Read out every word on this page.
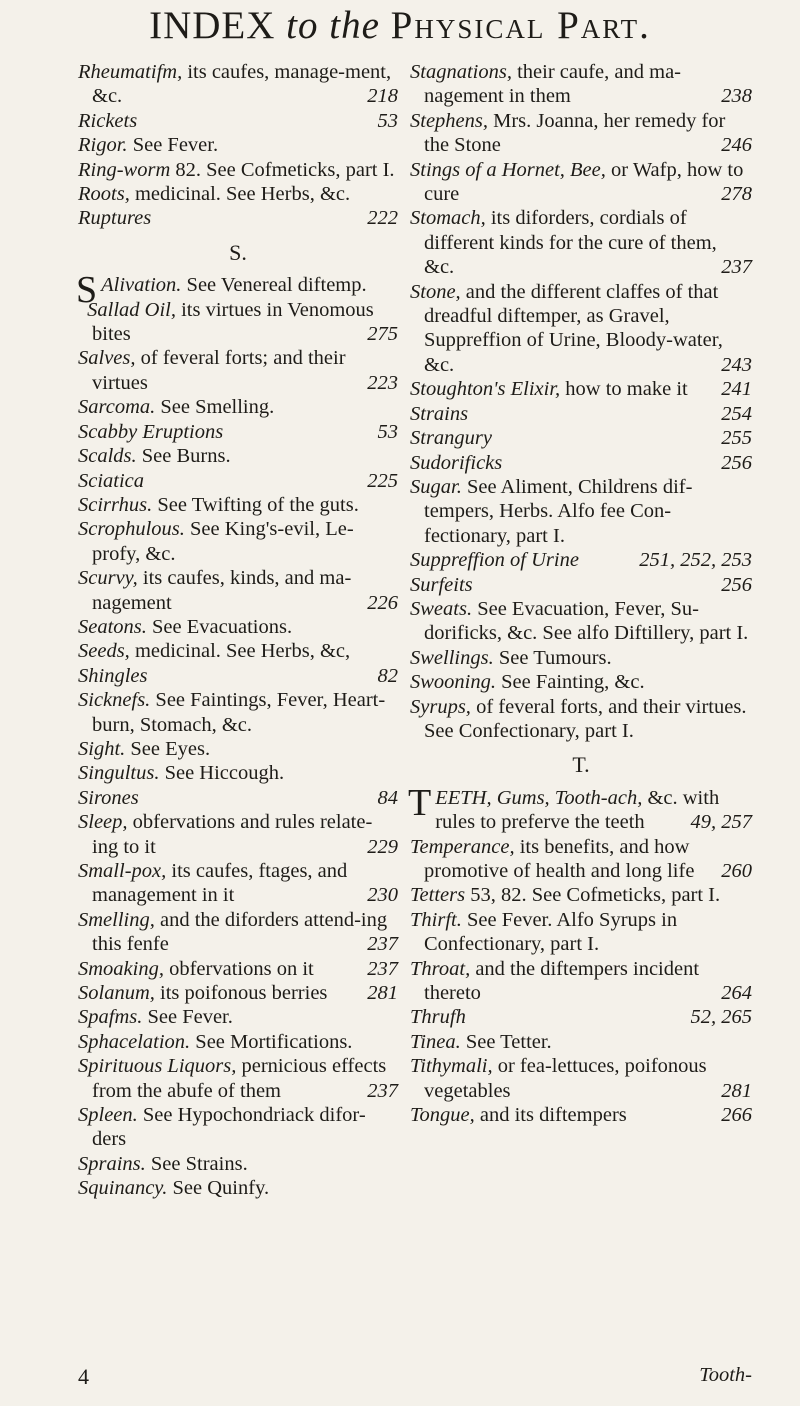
INDEX to the Physical Part.
Rheumatifm, its caufes, manage-ment, &c.	218
Rickets	53
Rigor. See Fever.
Ring-worm 82. See Cofmeticks, part I.
Roots, medicinal. See Herbs, &c.
Ruptures	222
S.
S Alivation. See Venereal diftemp.
Sallad Oil, its virtues in Venomous bites	275
Salves, of feveral forts; and their virtues	223
Sarcoma. See Smelling.
Scabby Eruptions	53
Scalds. See Burns.
Sciatica	225
Scirrhus. See Twifting of the guts.
Scrophulous. See King's-evil, Le-profy, &c.
Scurvy, its caufes, kinds, and ma-nagement	226
Seatons. See Evacuations.
Seeds, medicinal. See Herbs, &c,
Shingles	82
Sicknefs. See Faintings, Fever, Heart-burn, Stomach, &c.
Sight. See Eyes.
Singultus. See Hiccough.
Sirones	84
Sleep, obfervations and rules relate-ing to it	229
Small-pox, its caufes, ftages, and management in it	230
Smelling, and the diforders attend-ing this fenfe	237
Smoaking, obfervations on it	237
Solanum, its poifonous berries 281
Spafms. See Fever.
Sphacelation. See Mortifications.
Spirituous Liquors, pernicious effects from the abufe of them	237
Spleen. See Hypochondriack difor-ders
Sprains. See Strains.
Squinancy. See Quinfy.
Stagnations, their caufe, and ma-nagement in them	238
Stephens, Mrs. Joanna, her remedy for the Stone	246
Stings of a Hornet, Bee, or Wafp, how to cure	278
Stomach, its diforders, cordials of different kinds for the cure of them, &c.	237
Stone, and the different claffes of that dreadful diftemper, as Gravel, Suppreffion of Urine, Bloody-water, &c.	243
Stoughton's Elixir, how to make it 241
Strains	254
Strangury	255
Sudorificks	256
Sugar. See Aliment, Childrens dif-tempers, Herbs. Alfo fee Con-fectionary, part I.
Suppreffion of Urine	251, 252, 253
Surfeits	256
Sweats. See Evacuation, Fever, Su-dorificks, &c. See alfo Diftillery, part I.
Swellings. See Tumours.
Swooning. See Fainting, &c.
Syrups, of feveral forts, and their virtues. See Confectionary, part I.
T.
TEETH, Gums, Tooth-ach, &c. with rules to preferve the teeth 49, 257
Temperance, its benefits, and how promotive of health and long life 260
Tetters 53, 82. See Cofmeticks, part I.
Thirft. See Fever. Alfo Syrups in Confectionary, part I.
Throat, and the diftempers incident thereto	264
Thrufh	52, 265
Tinea. See Tetter.
Tithymali, or fea-lettuces, poifonous vegetables	281
Tongue, and its diftempers	266
4	Tooth-
